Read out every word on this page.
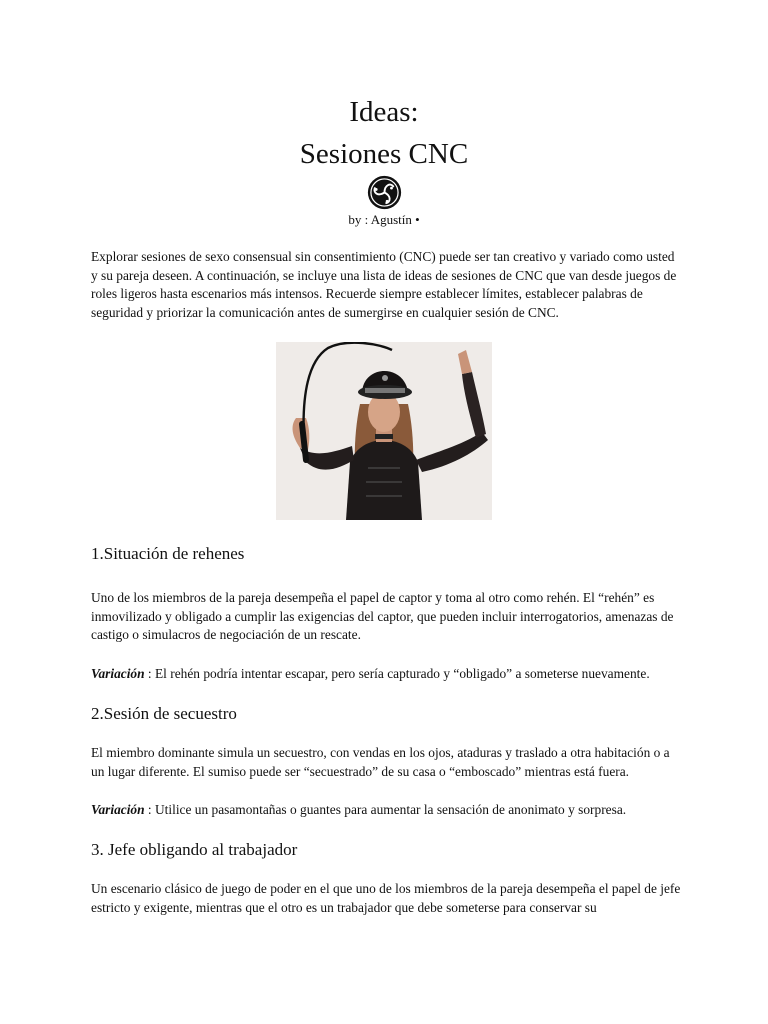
Ideas:
Sesiones CNC
by : Agustín •

Explorar sesiones de sexo consensual sin consentimiento (CNC) puede ser tan creativo y variado como usted y su pareja deseen. A continuación, se incluye una lista de ideas de sesiones de CNC que van desde juegos de roles ligeros hasta escenarios más intensos. Recuerde siempre establecer límites, establecer palabras de seguridad y priorizar la comunicación antes de sumergirse en cualquier sesión de CNC.

1.Situación de rehenes

Uno de los miembros de la pareja desempeña el papel de captor y toma al otro como rehén. El “rehén” es inmovilizado y obligado a cumplir las exigencias del captor, que pueden incluir interrogatorios, amenazas de castigo o simulacros de negociación de un rescate.

Variación : El rehén podría intentar escapar, pero sería capturado y “obligado” a someterse nuevamente.

2.Sesión de secuestro

El miembro dominante simula un secuestro, con vendas en los ojos, ataduras y traslado a otra habitación o a un lugar diferente. El sumiso puede ser “secuestrado” de su casa o “emboscado” mientras está fuera.

Variación : Utilice un pasamontañas o guantes para aumentar la sensación de anonimato y sorpresa.

3. Jefe obligando al trabajador

Un escenario clásico de juego de poder en el que uno de los miembros de la pareja desempeña el papel de jefe estricto y exigente, mientras que el otro es un trabajador que debe someterse para conservar su
